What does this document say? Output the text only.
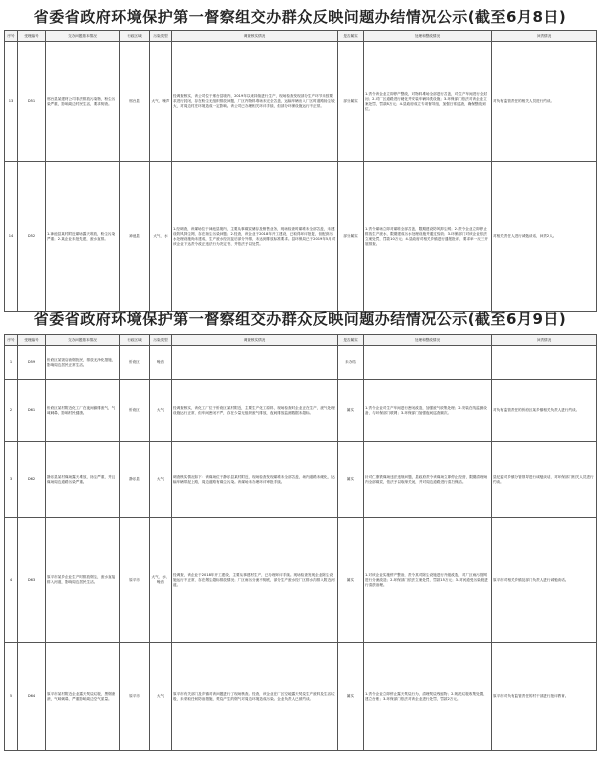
省委省政府环境保护第一督察组交办群众反映问题办结情况公示(截至6月8日)
序号	受理编号	交办问题基本情况	行政区域	污染类型	调查核实情况	是否属实	处理和整改情况	问责情况
13	D51	邢台县某建材公司非法排放污染物，粉尘污染严重，影响周边村民生活，要求彻查。	邢台县	大气、噪声	经调查核实，该公司位于邢台县境内，2019年以来持续进行生产，现场检查发现部分生产环节未按要求进行封闭，存在粉尘无组织排放问题，厂区内物料堆场未完全苫盖，运输车辆出入厂区时道路扬尘较大，对周边村庄环境造成一定影响。该公司已办理相关环评手续，但部分环保设施运行不正常。	部分属实	1.责令该企业立即停产整改，对物料堆场全部进行苫盖，对生产车间进行全封闭；2.对厂区道路进行硬化并安装车辆冲洗设施；3.环保部门依法对该企业立案处罚，罚款8万元；4.县政府成立专项督导组，加强日常巡查，确保整改到位。	对负有监管责任的相关人员进行约谈。
14	D52	1.神池县某村附近煤场露天堆放，粉尘污染严重；2.某企业未批先建，废水直排。	神池县	大气、水	1.经调查，该煤场位于神池县境内，主要从事煤炭储存及销售业务，现场检查时煤堆未全部苫盖，未建设防风抑尘网，存在扬尘污染问题；2.经查，该企业于2018年开工建设，已取得环评批复，但配套污水处理设施尚未建成，生产废水经沉淀后部分外排，未达到排放标准要求。县环保局已于2019年5月对该企业下达责令改正违法行为决定书，并依法予以处罚。	部分属实	1.责令煤场立即对煤堆全部苫盖，限期建设防风抑尘网；2.责令企业立即停止排放生产废水，限期建成污水处理设施并通过验收；3.环保部门对该企业依法立案处罚，罚款10万元；4.县政府对相关乡镇进行通报批评，要求举一反三开展排查。	对相关责任人进行诫勉谈话，问责2人。
省委省政府环境保护第一督察组交办群众反映问题办结情况公示(截至6月9日)
序号	受理编号	交办问题基本情况	行政区域	污染类型	调查核实情况	是否属实	处理和整改情况	问责情况
1	D59	忻府区某饭店油烟扰民，排放无净化措施，影响周边居民正常生活。	忻府区	噪音		未办结		
2	D61	忻府区某村附近化工厂在夜间偷排废气，气味刺鼻，影响村民健康。	忻府区	大气	经调查核实，该化工厂位于忻府区某村附近，主要生产化工原料，现场检查时企业正在生产，废气处理设施运行正常，但车间密闭不严，存在少量无组织废气排放，夜间排放监测数据未超标。	属实	1.责令企业对生产车间进行密闭改造，加强废气收集处理；2.安装在线监测设备，与环保部门联网；3.环保部门加强夜间巡查频次。	对负有监管责任的忻府区某乡镇相关负责人进行约谈。
3	D62	静乐县某村煤场露天堆放，扬尘严重，并且煤场周边道路污染严重。	静乐县	大气	调查核实情况如下：该煤场位于静乐县某村附近，现场检查发现煤堆未全部苫盖，场内道路未硬化，运输车辆带泥上路，周边道路有煤尘污染。该煤场未办理环评审批手续。	属实	针对仁康铁煤场违法违规问题，县政府责令该煤场立即停止经营，限期清理场内全部煤炭，依法予以取缔关闭，并对周边道路进行清扫保洁。	县纪委对乡镇分管领导进行诫勉谈话，对环保部门相关人员进行约谈。
4	D63	原平市某乡企业生产时排放烟尘，废水直接排入河道，影响周边居民生活。	原平市	大气、水、噪音	经调查，该企业于2018年开工建设，主要从事建材生产，已办理环评手续。现场检查发现企业除尘设施运行不正常，存在烟尘超标排放情况；厂区雨污分流不彻底，部分生产废水经厂区排水沟排入附近河道。	属实	1.对该企业实施停产整治，责令其对除尘设施进行升级改造，对厂区雨污管网进行分流改造；2.环保部门依法立案处罚，罚款15万元；3.对河道受污染段进行清淤治理。	原平市对相关乡镇及部门负责人进行诫勉谈话。
5	D64	原平市某村附近企业露天焚烧垃圾，黑烟滚滚，气味刺鼻，严重影响周边空气质量。	原平市	大气	原平市有关部门及乡镇对该问题进行了现场核查。经查，该企业在厂区空地露天焚烧生产废料及生活垃圾，未采取任何防治措施，焚烧产生的烟气对周边环境造成污染。企业负责人已被约谈。	属实	1.责令企业立即停止露天焚烧行为，清理焚烧残留物；2.规范垃圾收集处置，建立台账；3.环保部门依法对该企业进行处罚，罚款2万元。	原平市对负有监管责任的村干部进行批评教育。
